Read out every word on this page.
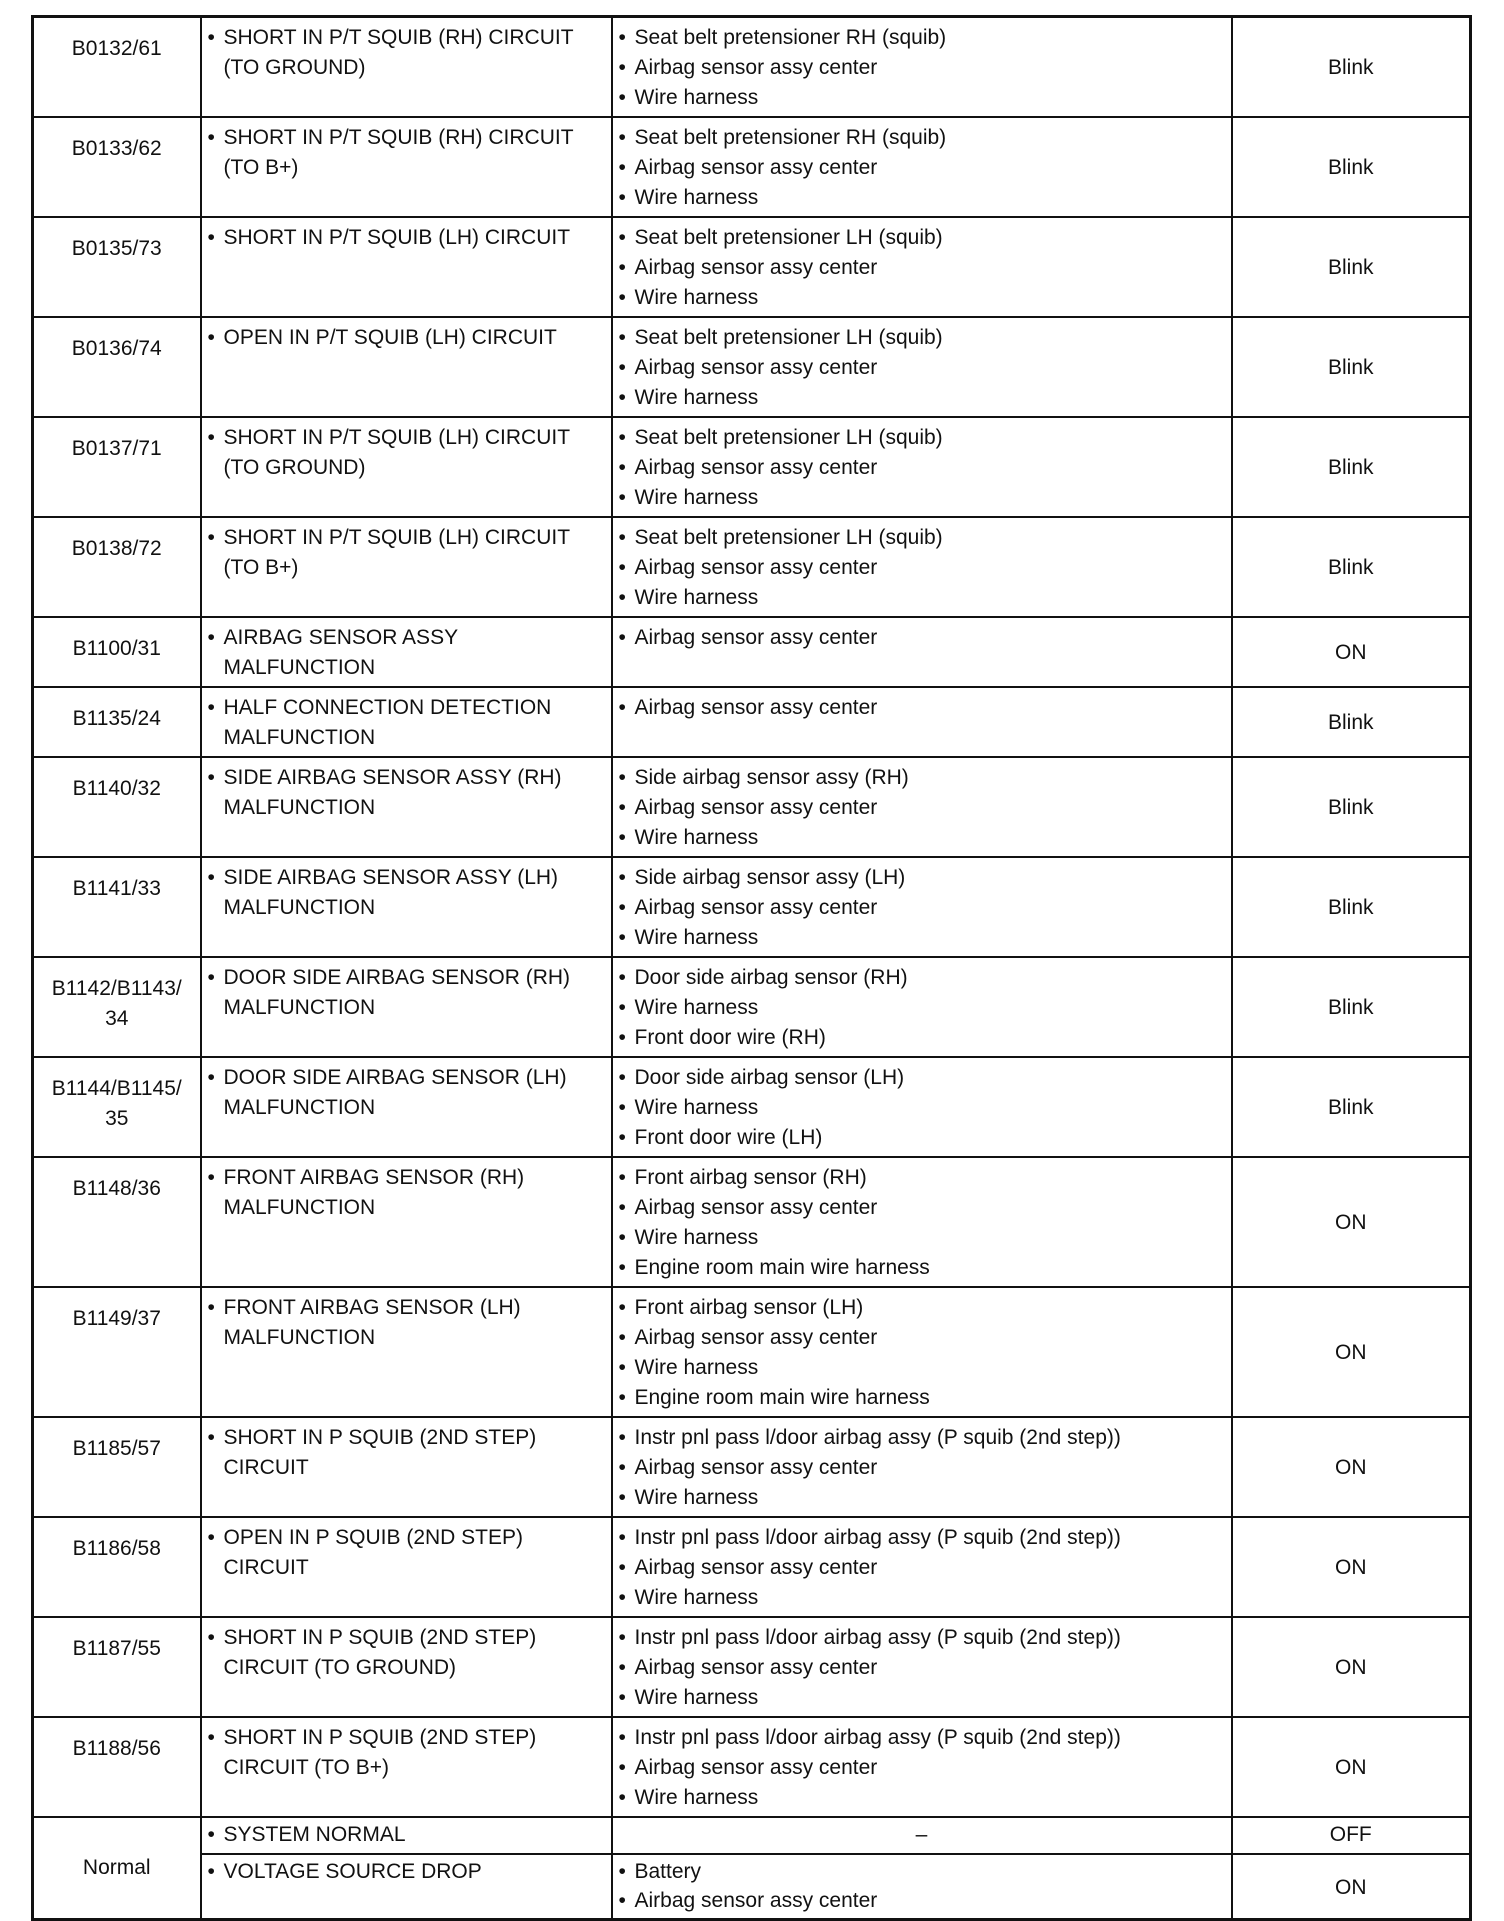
B0132/61	• SHORT IN P/T SQUIB (RH) CIRCUIT (TO GROUND)	• Seat belt pretensioner RH (squib)
• Airbag sensor assy center
• Wire harness	Blink
B0133/62	• SHORT IN P/T SQUIB (RH) CIRCUIT (TO B+)	• Seat belt pretensioner RH (squib)
• Airbag sensor assy center
• Wire harness	Blink
B0135/73	• SHORT IN P/T SQUIB (LH) CIRCUIT	• Seat belt pretensioner LH (squib)
• Airbag sensor assy center
• Wire harness	Blink
B0136/74	• OPEN IN P/T SQUIB (LH) CIRCUIT	• Seat belt pretensioner LH (squib)
• Airbag sensor assy center
• Wire harness	Blink
B0137/71	• SHORT IN P/T SQUIB (LH) CIRCUIT (TO GROUND)	• Seat belt pretensioner LH (squib)
• Airbag sensor assy center
• Wire harness	Blink
B0138/72	• SHORT IN P/T SQUIB (LH) CIRCUIT (TO B+)	• Seat belt pretensioner LH (squib)
• Airbag sensor assy center
• Wire harness	Blink
B1100/31	• AIRBAG SENSOR ASSY MALFUNCTION	• Airbag sensor assy center	ON
B1135/24	• HALF CONNECTION DETECTION MALFUNCTION	• Airbag sensor assy center	Blink
B1140/32	• SIDE AIRBAG SENSOR ASSY (RH) MALFUNCTION	• Side airbag sensor assy (RH)
• Airbag sensor assy center
• Wire harness	Blink
B1141/33	• SIDE AIRBAG SENSOR ASSY (LH) MALFUNCTION	• Side airbag sensor assy (LH)
• Airbag sensor assy center
• Wire harness	Blink
B1142/B1143/ 34	• DOOR SIDE AIRBAG SENSOR (RH) MALFUNCTION	• Door side airbag sensor (RH)
• Wire harness
• Front door wire (RH)	Blink
B1144/B1145/ 35	• DOOR SIDE AIRBAG SENSOR (LH) MALFUNCTION	• Door side airbag sensor (LH)
• Wire harness
• Front door wire (LH)	Blink
B1148/36	• FRONT AIRBAG SENSOR (RH) MALFUNCTION	• Front airbag sensor (RH)
• Airbag sensor assy center
• Wire harness
• Engine room main wire harness	ON
B1149/37	• FRONT AIRBAG SENSOR (LH) MALFUNCTION	• Front airbag sensor (LH)
• Airbag sensor assy center
• Wire harness
• Engine room main wire harness	ON
B1185/57	• SHORT IN P SQUIB (2ND STEP) CIRCUIT	• Instr pnl pass l/door airbag assy (P squib (2nd step))
• Airbag sensor assy center
• Wire harness	ON
B1186/58	• OPEN IN P SQUIB (2ND STEP) CIRCUIT	• Instr pnl pass l/door airbag assy (P squib (2nd step))
• Airbag sensor assy center
• Wire harness	ON
B1187/55	• SHORT IN P SQUIB (2ND STEP) CIRCUIT (TO GROUND)	• Instr pnl pass l/door airbag assy (P squib (2nd step))
• Airbag sensor assy center
• Wire harness	ON
B1188/56	• SHORT IN P SQUIB (2ND STEP) CIRCUIT (TO B+)	• Instr pnl pass l/door airbag assy (P squib (2nd step))
• Airbag sensor assy center
• Wire harness	ON
Normal	• SYSTEM NORMAL	–	OFF

	• VOLTAGE SOURCE DROP	• Battery
• Airbag sensor assy center	ON
